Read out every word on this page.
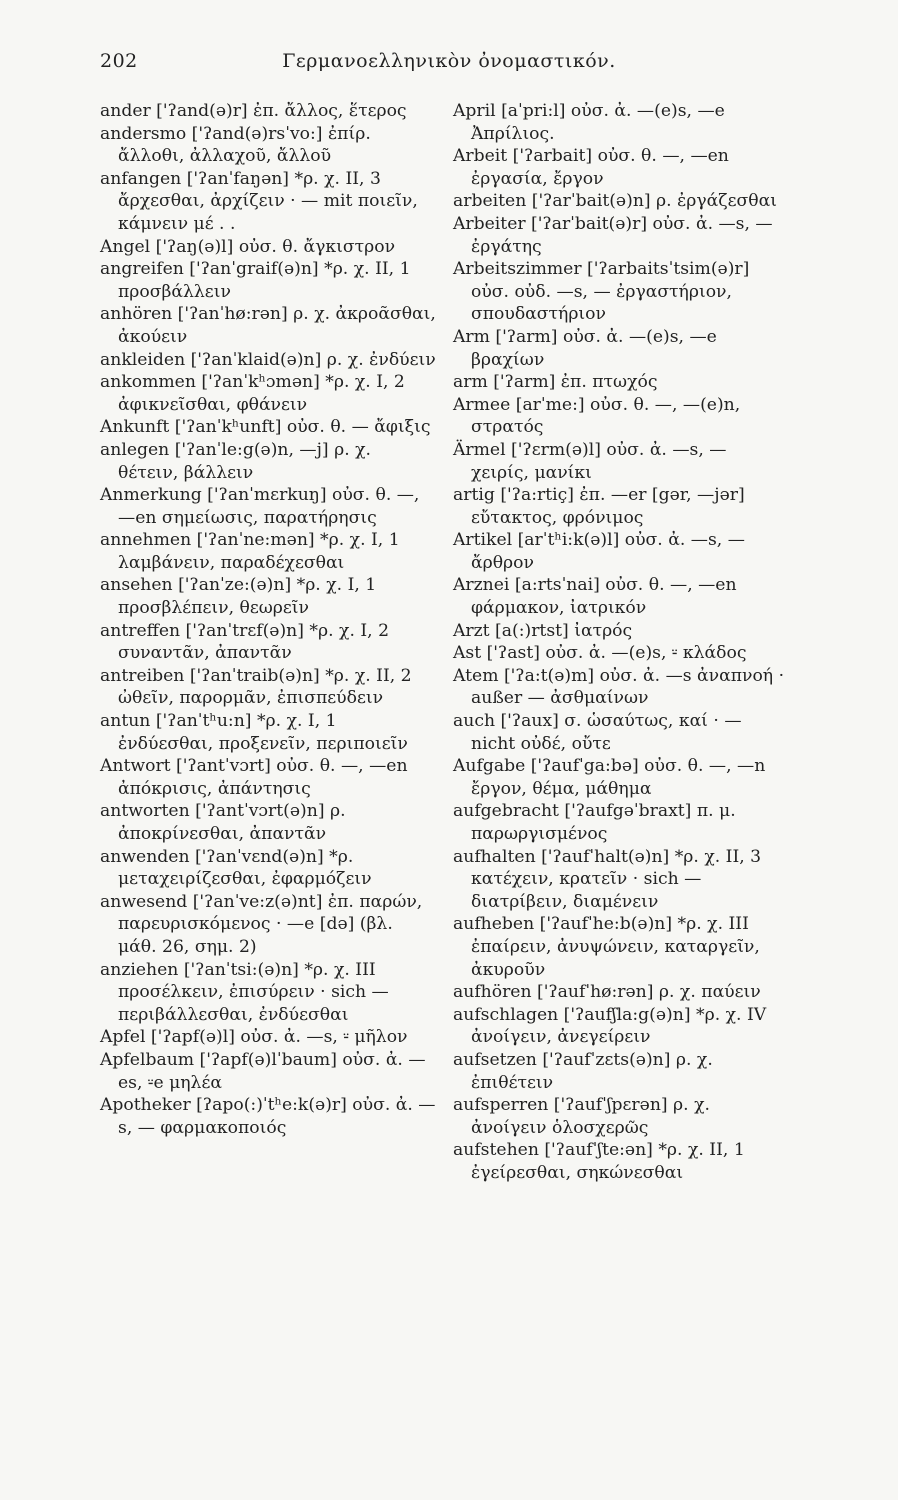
202	Γερμανοελληνικὸν ὀνομαστικόν.
ander ['ʔand(ə)r] ἐπ. ἄλλος, ἕτερος
andersmo ['ʔand(ə)rsˈvo:] ἐπίρ. ἄλλοθι, ἀλλαχοῦ, ἄλλοῦ
anfangen ['ʔanˈfaŋən] *ρ. χ. II, 3 ἄρχεσθαι, ἀρχίζειν · — mit ποιεῖν, κάμνειν μέ . .
Angel ['ʔaŋ(ə)l] οὐσ. θ. ἄγκιστρον
angreifen ['ʔanˈgraif(ə)n] *ρ. χ. II, 1 προσβάλλειν
anhören ['ʔanˈhø:rən] ρ. χ. ἀκροᾶσθαι, ἀκούειν
ankleiden ['ʔanˈklaid(ə)n] ρ. χ. ἐνδύειν
ankommen ['ʔanˈkʰɔmən] *ρ. χ. I, 2 ἀφικνεῖσθαι, φθάνειν
Ankunft ['ʔanˈkʰunft] οὐσ. θ. — ἄφιξις
anlegen ['ʔanˈle:g(ə)n, —j] ρ. χ. θέτειν, βάλλειν
Anmerkung ['ʔanˈmɛrkuŋ] οὐσ. θ. —, —en σημείωσις, παρατήρησις
annehmen ['ʔanˈne:mən] *ρ. χ. I, 1 λαμβάνειν, παραδέχεσθαι
ansehen ['ʔanˈze:(ə)n] *ρ. χ. I, 1 προσβλέπειν, θεωρεῖν
antreffen ['ʔanˈtrɛf(ə)n] *ρ. χ. I, 2 συναντᾶν, ἀπαντᾶν
antreiben ['ʔanˈtraib(ə)n] *ρ. χ. II, 2 ὠθεῖν, παρορμᾶν, ἐπισπεύδειν
antun ['ʔanˈtʰu:n] *ρ. χ. I, 1 ἐνδύεσθαι, προξενεῖν, περιποιεῖν
Antwort ['ʔantˈvɔrt] οὐσ. θ. —, —en ἀπόκρισις, ἀπάντησις
antworten ['ʔantˈvɔrt(ə)n] ρ. ἀποκρίνεσθαι, ἀπαντᾶν
anwenden ['ʔanˈvɛnd(ə)n] *ρ. μεταχειρίζεσθαι, ἐφαρμόζειν
anwesend ['ʔanˈve:z(ə)nt] ἐπ. παρών, παρευρισκόμενος · —e [də] (βλ. μάθ. 26, σημ. 2)
anziehen ['ʔanˈtsi:(ə)n] *ρ. χ. III προσέλκειν, ἐπισύρειν · sich — περιβάλλεσθαι, ἐνδύεσθαι
Apfel ['ʔapf(ə)l] οὐσ. ἀ. —s, ⸚ μῆλον
Apfelbaum ['ʔapf(ə)lˈbaum] οὐσ. ἀ. —es, ⸚e μηλέα
Apotheker [ʔapo(:)ˈtʰe:k(ə)r] οὐσ. ἀ. —s, — φαρμακοποιός
April [aˈpri:l] οὐσ. ἀ. —(e)s, —e Ἀπρίλιος.
Arbeit ['ʔarbait] οὐσ. θ. —, —en ἐργασία, ἔργον
arbeiten ['ʔarˈbait(ə)n] ρ. ἐργάζεσθαι
Arbeiter ['ʔarˈbait(ə)r] οὐσ. ἀ. —s, — ἐργάτης
Arbeitszimmer ['ʔarbaitsˈtsim(ə)r] οὐσ. οὐδ. —s, — ἐργαστήριον, σπουδαστήριον
Arm ['ʔarm] οὐσ. ἀ. —(e)s, —e βραχίων
arm ['ʔarm] ἐπ. πτωχός
Armee [arˈme:] οὐσ. θ. —, —(e)n, στρατός
Ärmel ['ʔɛrm(ə)l] οὐσ. ἀ. —s, — χειρίς, μανίκι
artig ['ʔa:rtiç] ἐπ. —er [gər, —jər] εὔτακτος, φρόνιμος
Artikel [arˈtʰi:k(ə)l] οὐσ. ἀ. —s, — ἄρθρον
Arznei [a:rtsˈnai] οὐσ. θ. —, —en φάρμακον, ἰατρικόν
Arzt [a(:)rtst] ἰατρός
Ast ['ʔast] οὐσ. ἀ. —(e)s, ⸚ κλάδος
Atem ['ʔa:t(ə)m] οὐσ. ἀ. —s ἀναπνοή · außer — ἀσθμαίνων
auch ['ʔaux] σ. ὡσαύτως, καί · — nicht οὐδέ, οὔτε
Aufgabe ['ʔaufˈga:bə] οὐσ. θ. —, —n ἔργον, θέμα, μάθημα
aufgebracht ['ʔaufgəˈbraxt] π. μ. παρωργισμένος
aufhalten ['ʔaufˈhalt(ə)n] *ρ. χ. II, 3 κατέχειν, κρατεῖν · sich — διατρίβειν, διαμένειν
aufheben ['ʔaufˈhe:b(ə)n] *ρ. χ. III ἐπαίρειν, ἀνυψώνειν, καταργεῖν, ἀκυροῦν
aufhören ['ʔaufˈhø:rən] ρ. χ. παύειν
aufschlagen ['ʔaufʃla:g(ə)n] *ρ. χ. IV ἀνοίγειν, ἀνεγείρειν
aufsetzen ['ʔaufˈzɛts(ə)n] ρ. χ. ἐπιθέτειν
aufsperren ['ʔaufˈʃpɛrən] ρ. χ. ἀνοίγειν ὁλοσχερῶς
aufstehen ['ʔaufˈʃte:ən] *ρ. χ. II, 1 ἐγείρεσθαι, σηκώνεσθαι
